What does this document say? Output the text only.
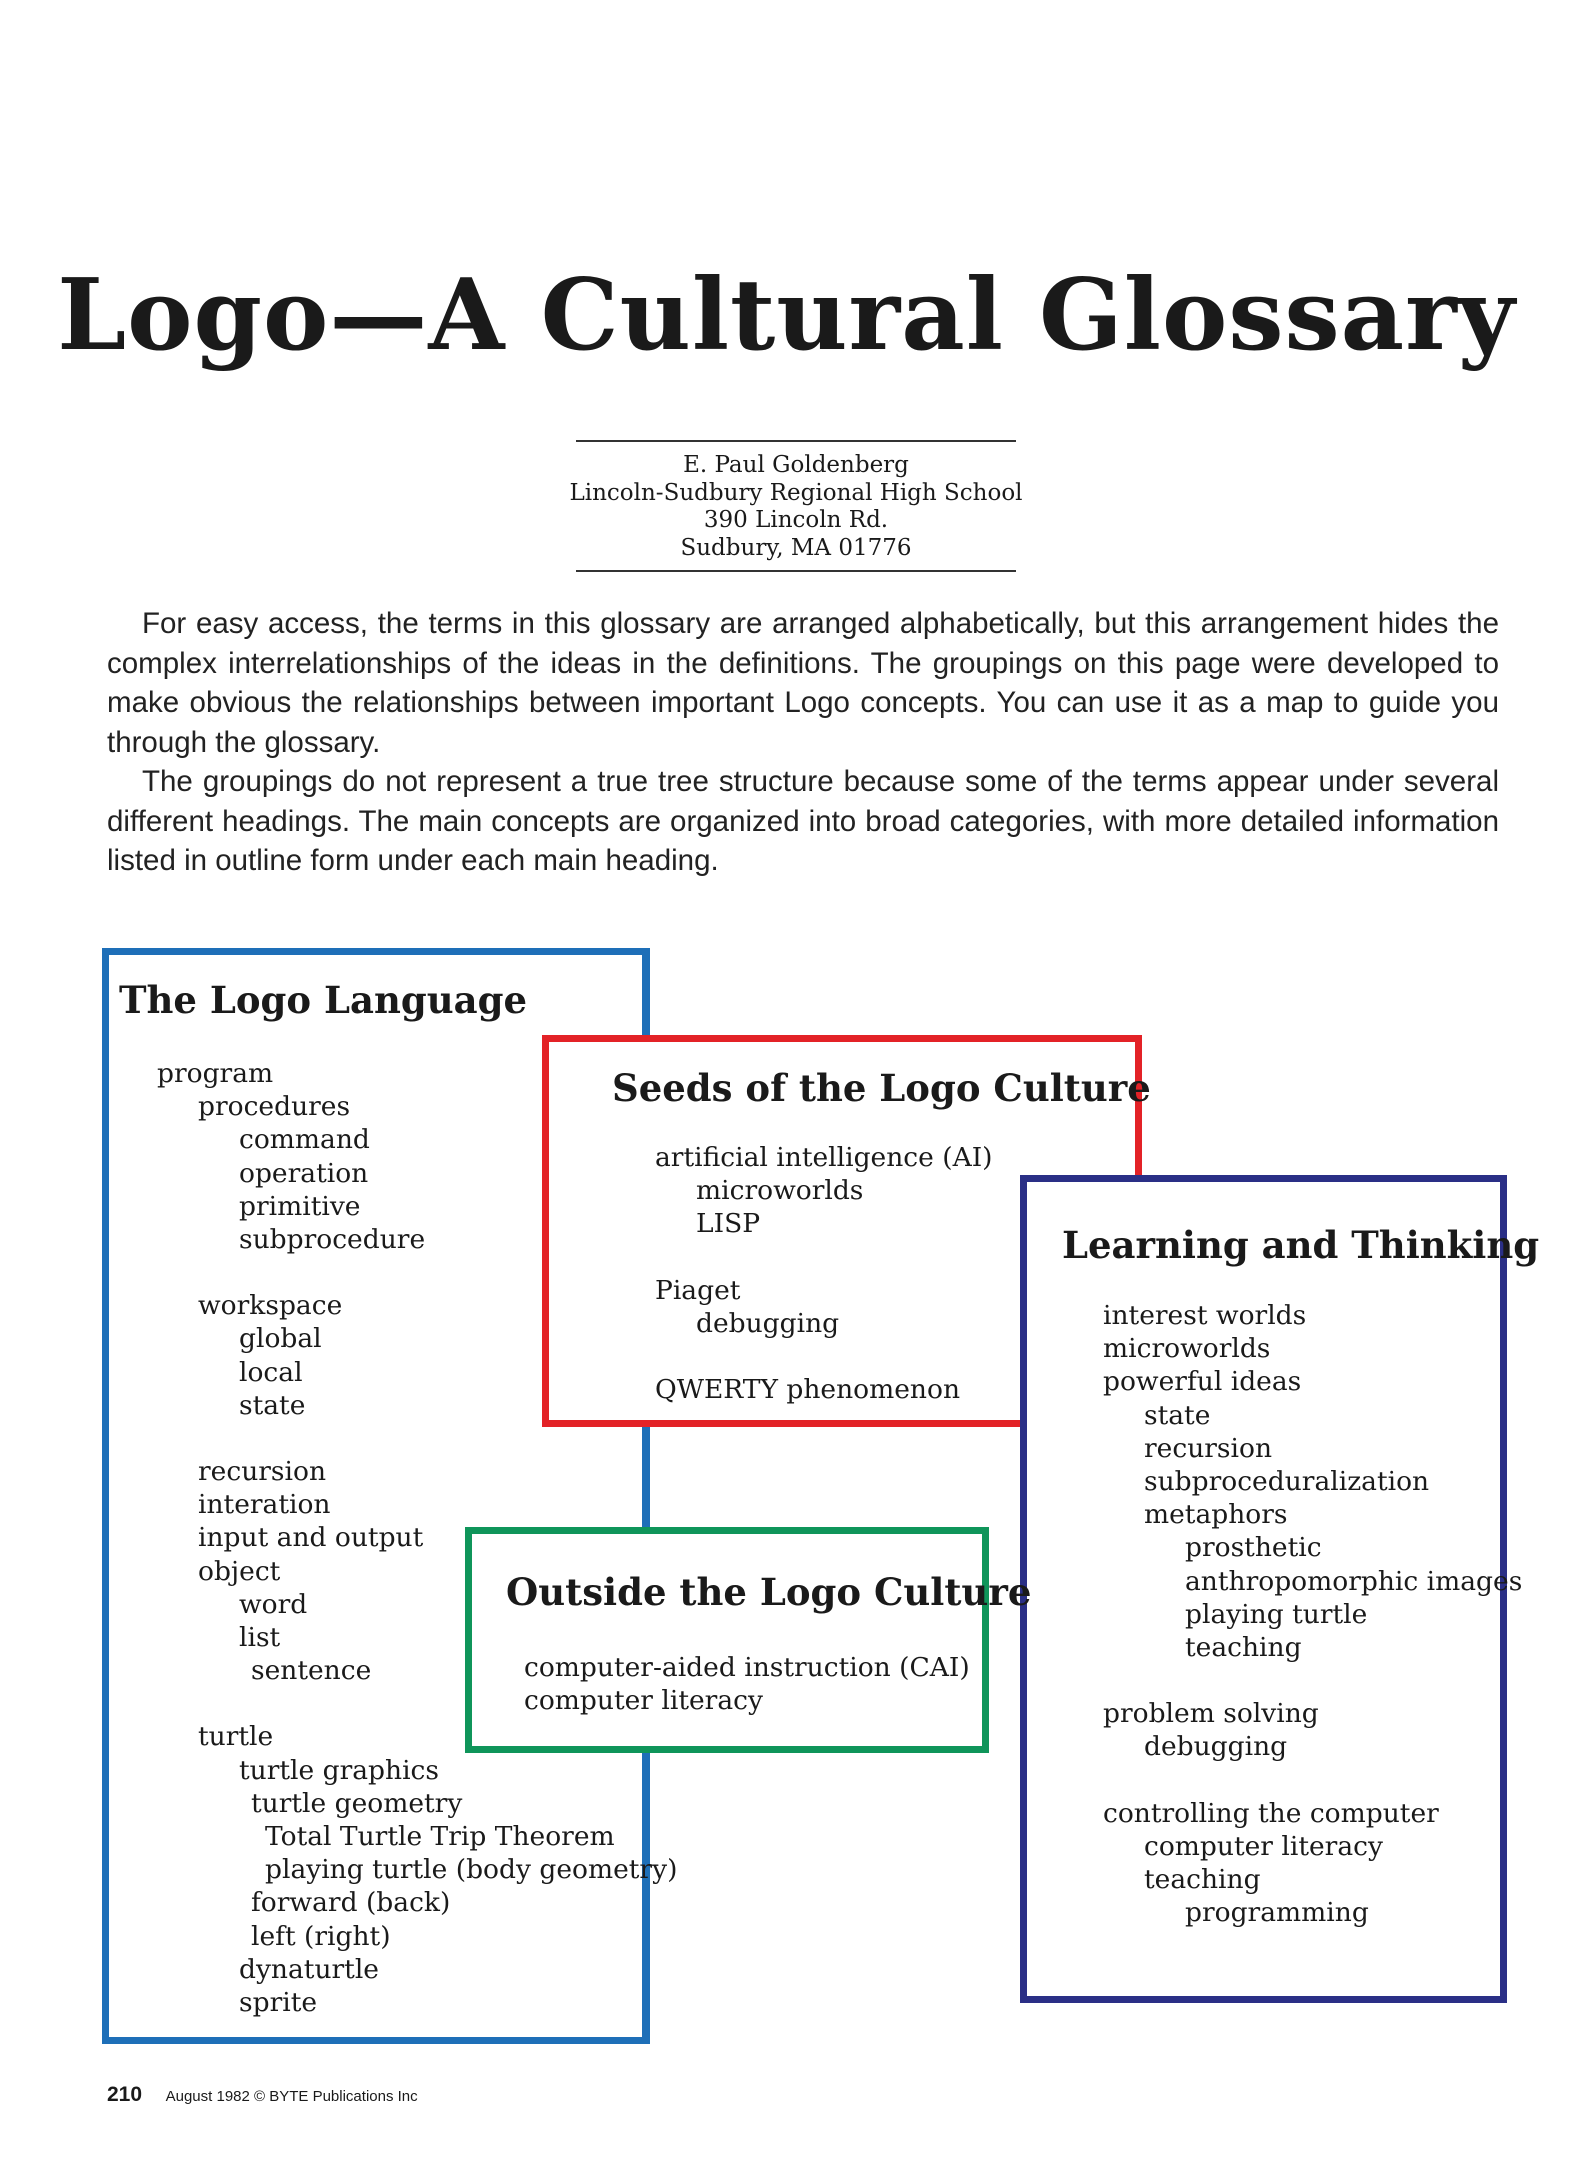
Logo—A Cultural Glossary
E. Paul Goldenberg
Lincoln-Sudbury Regional High School
390 Lincoln Rd.
Sudbury, MA 01776

For easy access, the terms in this glossary are arranged alphabetically, but this arrangement hides the complex interrelationships of the ideas in the definitions. The groupings on this page were developed to make obvious the relationships between important Logo concepts. You can use it as a map to guide you through the glossary.

The groupings do not represent a true tree structure because some of the terms appear under several different headings. The main concepts are organized into broad categories, with more detailed information listed in outline form under each main heading.

The Logo Language
program
procedures
command
operation
primitive
subprocedure
workspace
global
local
state
recursion
interation
input and output
object
word
list
sentence
turtle
turtle graphics
turtle geometry
Total Turtle Trip Theorem
playing turtle (body geometry)
forward (back)
left (right)
dynaturtle
sprite
Seeds of the Logo Culture
artificial intelligence (AI)
microworlds
LISP
Piaget
debugging
QWERTY phenomenon
Learning and Thinking
interest worlds
microworlds
powerful ideas
state
recursion
subproceduralization
metaphors
prosthetic
anthropomorphic images
playing turtle
teaching
problem solving
debugging
controlling the computer
computer literacy
teaching
programming
Outside the Logo Culture
computer-aided instruction (CAI)
computer literacy
210 August 1982 © BYTE Publications Inc
